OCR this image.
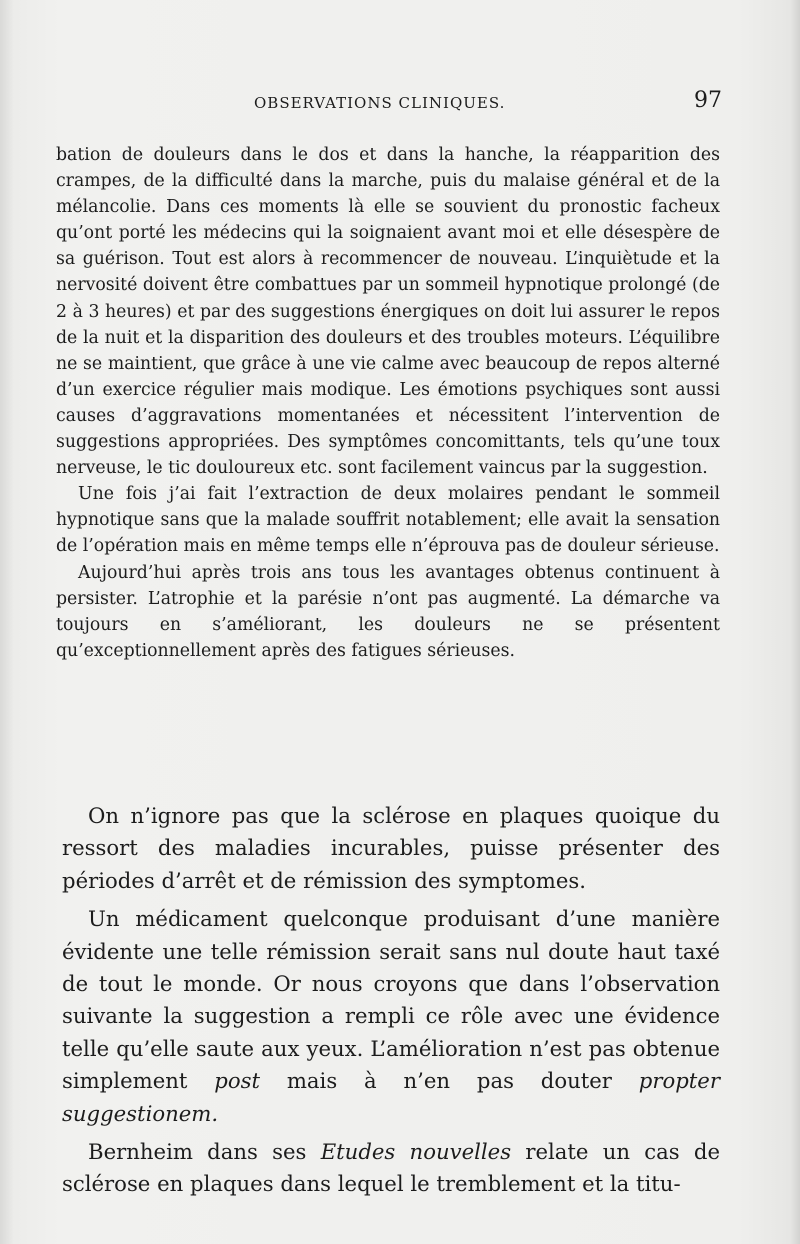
OBSERVATIONS CLINIQUES.	97

bation de douleurs dans le dos et dans la hanche, la réapparition des crampes, de la difficulté dans la marche, puis du malaise général et de la mélancolie. Dans ces moments là elle se souvient du pronostic facheux qu’ont porté les médecins qui la soignaient avant moi et elle désespère de sa guérison. Tout est alors à recommencer de nouveau. L’inquiètude et la nervosité doivent être combattues par un sommeil hypnotique prolongé (de 2 à 3 heures) et par des suggestions énergiques on doit lui assurer le repos de la nuit et la disparition des douleurs et des troubles moteurs. L’équilibre ne se maintient, que grâce à une vie calme avec beaucoup de repos alterné d’un exercice régulier mais modique. Les émotions psychiques sont aussi causes d’aggravations momentanées et nécessitent l’intervention de suggestions appropriées. Des symptômes concomittants, tels qu’une toux nerveuse, le tic douloureux etc. sont facilement vaincus par la suggestion.

Une fois j’ai fait l’extraction de deux molaires pendant le sommeil hypnotique sans que la malade souffrit notablement; elle avait la sensation de l’opération mais en même temps elle n’éprouva pas de douleur sérieuse.

Aujourd’hui après trois ans tous les avantages obtenus continuent à persister. L’atrophie et la parésie n’ont pas augmenté. La démarche va toujours en s’améliorant, les douleurs ne se présentent qu’exceptionnellement après des fatigues sérieuses.

On n’ignore pas que la sclérose en plaques quoique du ressort des maladies incurables, puisse présenter des périodes d’arrêt et de rémission des symptomes.

Un médicament quelconque produisant d’une manière évidente une telle rémission serait sans nul doute haut taxé de tout le monde. Or nous croyons que dans l’observation suivante la suggestion a rempli ce rôle avec une évidence telle qu’elle saute aux yeux. L’amélioration n’est pas obtenue simplement post mais à n’en pas douter propter suggestionem.

Bernheim dans ses Etudes nouvelles relate un cas de sclérose en plaques dans lequel le tremblement et la titu-
